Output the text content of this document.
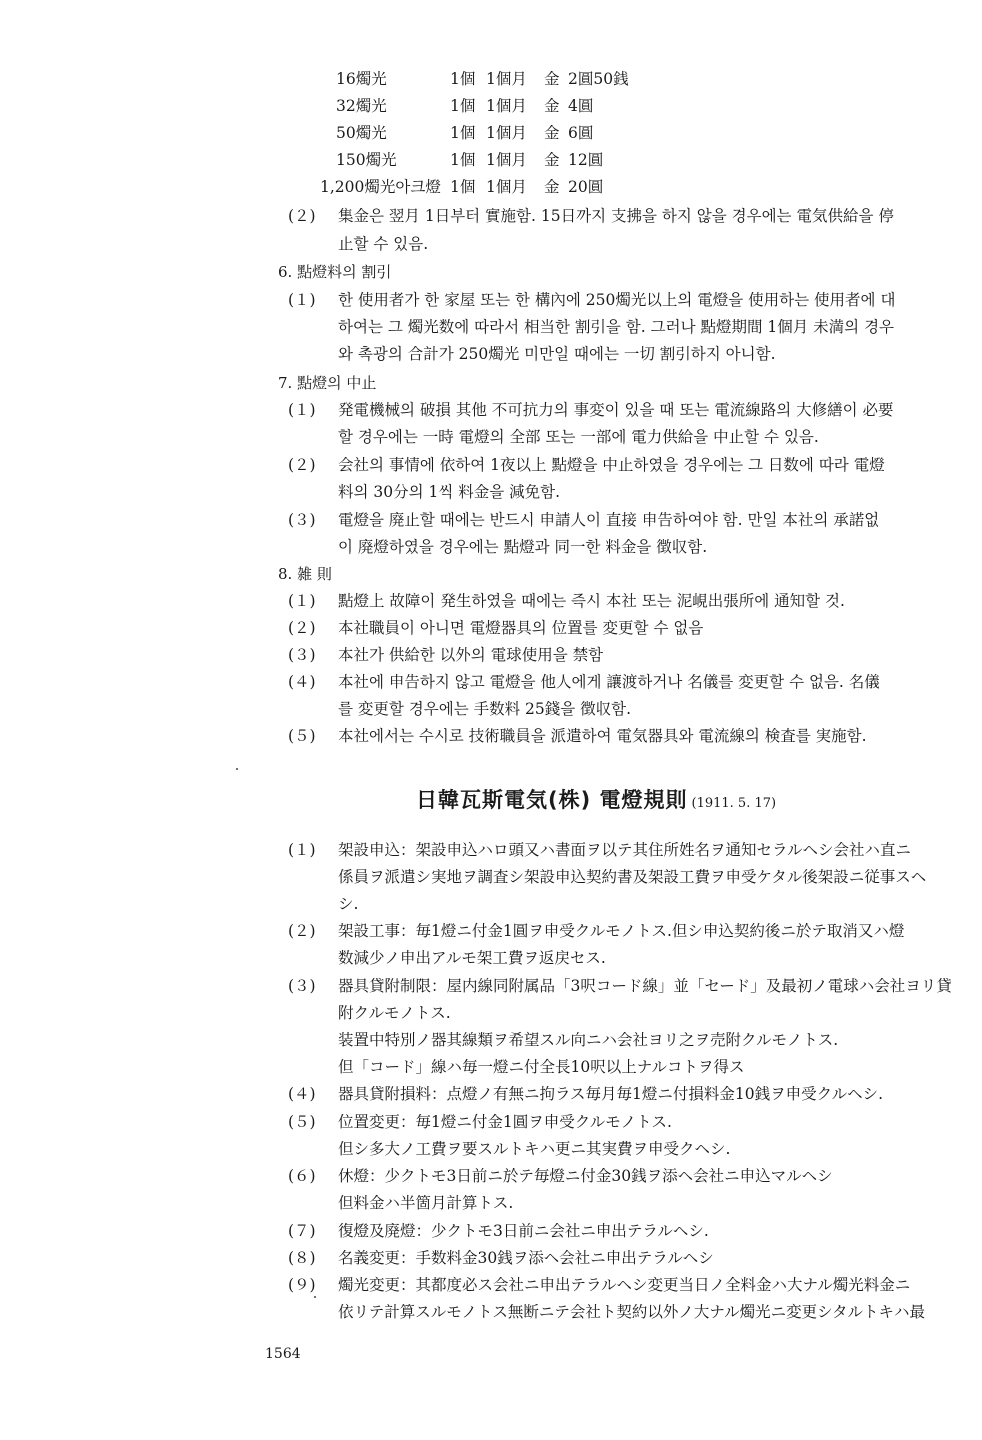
16燭光	1個 1個月 金 2圓50銭
32燭光	1個 1個月 金 4圓
50燭光	1個 1個月 金 6圓
150燭光	1個 1個月 金 12圓
1,200燭光아크燈 1個 1個月 金 20圓
(２) 集金은 翌月 1日부터 實施함. 15日까지 支拂을 하지 않을 경우에는 電気供給을 停
止할 수 있음.
6. 點燈料의 割引
(１) 한 使用者가 한 家屋 또는 한 構內에 250燭光以上의 電燈을 使用하는 使用者에 대
하여는 그 燭光数에 따라서 相当한 割引을 함. 그러나 點燈期間 1個月 未満의 경우
와 촉광의 合計가 250燭光 미만일 때에는 一切 割引하지 아니함.
7. 點燈의 中止
(１) 発電機械의 破損 其他 不可抗力의 事変이 있을 때 또는 電流線路의 大修繕이 必要
할 경우에는 一時 電燈의 全部 또는 一部에 電力供給을 中止할 수 있음.
(２) 会社의 事情에 依하여 1夜以上 點燈을 中止하였을 경우에는 그 日数에 따라 電燈
料의 30分의 1씩 料金을 減免함.
(３) 電燈을 廃止할 때에는 반드시 申請人이 直接 申告하여야 함. 만일 本社의 承諾없
이 廃燈하였을 경우에는 點燈과 同一한 料金을 徴収함.
8. 雑 則
(１) 點燈上 故障이 発生하였을 때에는 즉시 本社 또는 泥峴出張所에 通知할 것.
(２) 本社職員이 아니면 電燈器具의 位置를 変更할 수 없음
(３) 本社가 供給한 以外의 電球使用을 禁함
(４) 本社에 申告하지 않고 電燈을 他人에게 讓渡하거나 名儀를 変更할 수 없음. 名儀
를 変更할 경우에는 手数料 25錢을 徴収함.
(５) 本社에서는 수시로 技術職員을 派遣하여 電気器具와 電流線의 検査를 実施함.
日韓瓦斯電気(株) 電燈規則 (1911. 5. 17)
(１) 架設申込：架設申込ハロ頭又ハ書面ヲ以テ其住所姓名ヲ通知セラルヘシ会社ハ直ニ
係員ヲ派遣シ実地ヲ調査シ架設申込契約書及架設工費ヲ申受ケタル後架設ニ従事スヘ
シ.
(２) 架設工事：毎1燈ニ付金1圓ヲ申受クルモノトス.但シ申込契約後ニ於テ取消又ハ燈
数減少ノ申出アルモ架工費ヲ返戻セス.
(３) 器具貸附制限：屋内線同附属品「3呎コード線」並「セード」及最初ノ電球ハ会社ヨリ貸
附クルモノトス.
装置中特別ノ器其線類ヲ希望スル向ニハ会社ヨリ之ヲ売附クルモノトス.
但「コード」線ハ毎一燈ニ付全長10呎以上ナルコトヲ得ス
(４) 器具貸附損料：点燈ノ有無ニ拘ラス毎月毎1燈ニ付損料金10銭ヲ申受クルヘシ.
(５) 位置変更：毎1燈ニ付金1圓ヲ申受クルモノトス.
但シ多大ノ工費ヲ要スルトキハ更ニ其実費ヲ申受クヘシ.
(６) 休燈：少クトモ3日前ニ於テ毎燈ニ付金30銭ヲ添ヘ会社ニ申込マルヘシ
但料金ハ半箇月計算トス.
(７) 復燈及廃燈：少クトモ3日前ニ会社ニ申出テラルヘシ.
(８) 名義変更：手数料金30銭ヲ添ヘ会社ニ申出テラルヘシ
(９) 燭光変更：其都度必ス会社ニ申出テラルヘシ変更当日ノ全料金ハ大ナル燭光料金ニ
依リテ計算スルモノトス無断ニテ会社ト契約以外ノ大ナル燭光ニ変更シタルトキハ最
1564
